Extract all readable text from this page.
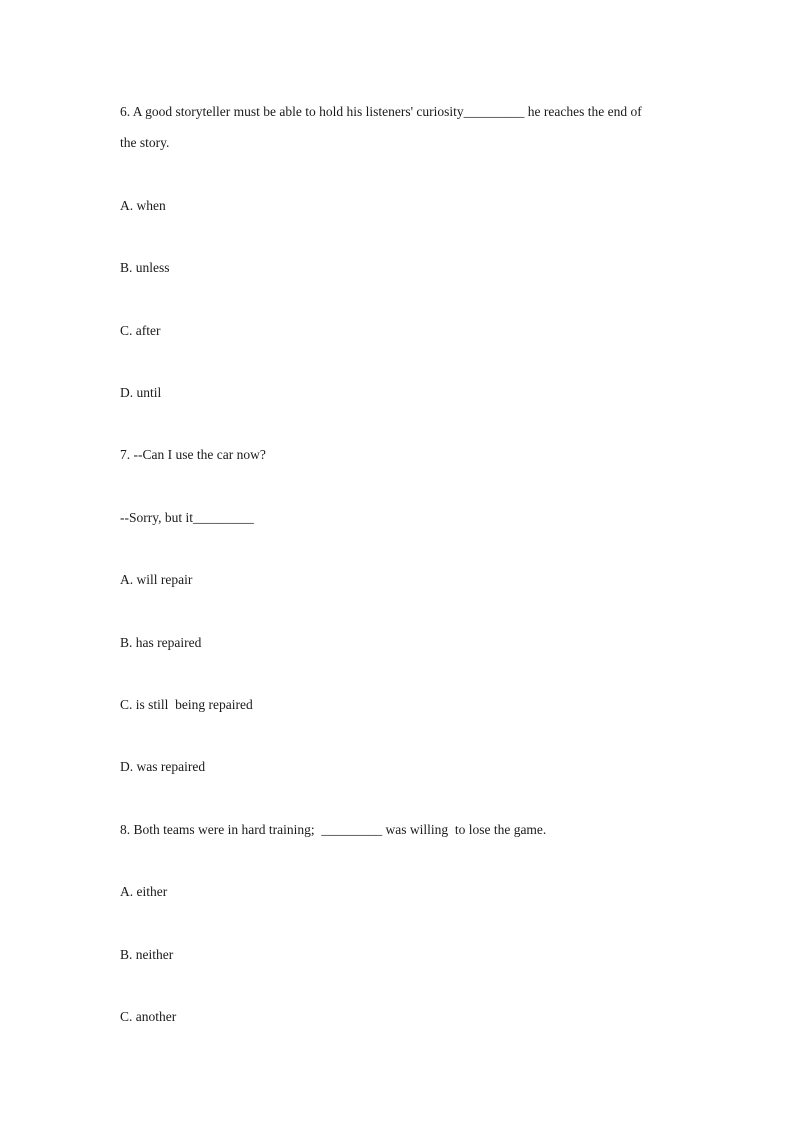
6. A good storyteller must be able to hold his listeners' curiosity_________ he reaches the end of
the story.
A. when
B. unless
C. after
D. until
7. --Can I use the car now?
--Sorry, but it_________
A. will repair
B. has repaired
C. is still  being repaired
D. was repaired
8. Both teams were in hard training;  _________ was willing  to lose the game.
A. either
B. neither
C. another
